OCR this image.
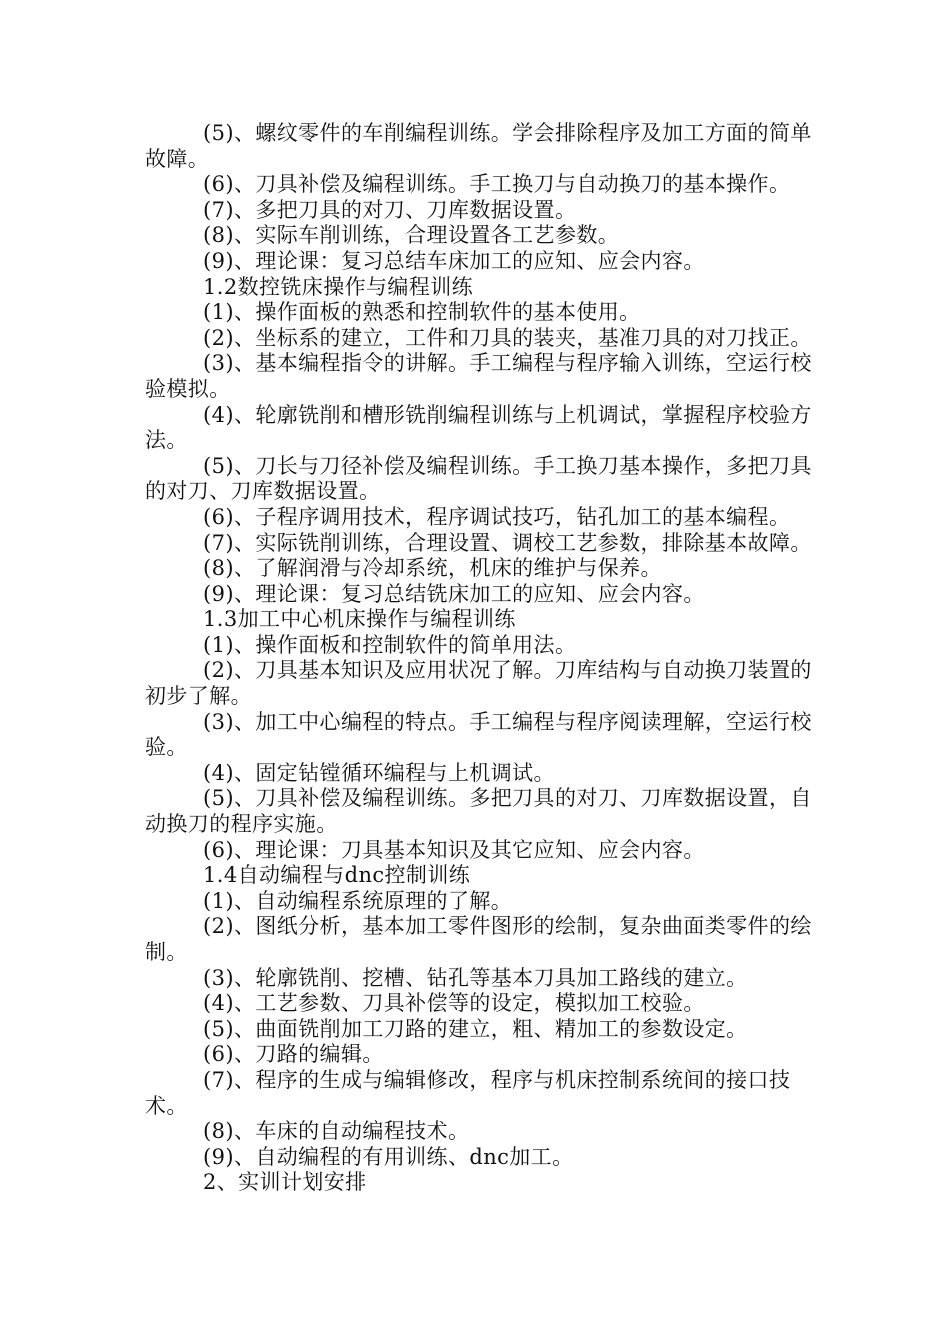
(5)、螺纹零件的车削编程训练。学会排除程序及加工方面的简单故障。

(6)、刀具补偿及编程训练。手工换刀与自动换刀的基本操作。

(7)、多把刀具的对刀、刀库数据设置。

(8)、实际车削训练，合理设置各工艺参数。

(9)、理论课：复习总结车床加工的应知、应会内容。

1.2数控铣床操作与编程训练

(1)、操作面板的熟悉和控制软件的基本使用。

(2)、坐标系的建立，工件和刀具的装夹，基准刀具的对刀找正。

(3)、基本编程指令的讲解。手工编程与程序输入训练，空运行校验模拟。

(4)、轮廓铣削和槽形铣削编程训练与上机调试，掌握程序校验方法。

(5)、刀长与刀径补偿及编程训练。手工换刀基本操作，多把刀具的对刀、刀库数据设置。

(6)、子程序调用技术，程序调试技巧，钻孔加工的基本编程。

(7)、实际铣削训练，合理设置、调校工艺参数，排除基本故障。

(8)、了解润滑与冷却系统，机床的维护与保养。

(9)、理论课：复习总结铣床加工的应知、应会内容。

1.3加工中心机床操作与编程训练

(1)、操作面板和控制软件的简单用法。

(2)、刀具基本知识及应用状况了解。刀库结构与自动换刀装置的初步了解。

(3)、加工中心编程的特点。手工编程与程序阅读理解，空运行校验。

(4)、固定钻镗循环编程与上机调试。

(5)、刀具补偿及编程训练。多把刀具的对刀、刀库数据设置，自动换刀的程序实施。

(6)、理论课：刀具基本知识及其它应知、应会内容。

1.4自动编程与dnc控制训练

(1)、自动编程系统原理的了解。

(2)、图纸分析，基本加工零件图形的绘制，复杂曲面类零件的绘制。

(3)、轮廓铣削、挖槽、钻孔等基本刀具加工路线的建立。

(4)、工艺参数、刀具补偿等的设定，模拟加工校验。

(5)、曲面铣削加工刀路的建立，粗、精加工的参数设定。

(6)、刀路的编辑。

(7)、程序的生成与编辑修改，程序与机床控制系统间的接口技术。

(8)、车床的自动编程技术。

(9)、自动编程的有用训练、dnc加工。

2、实训计划安排
